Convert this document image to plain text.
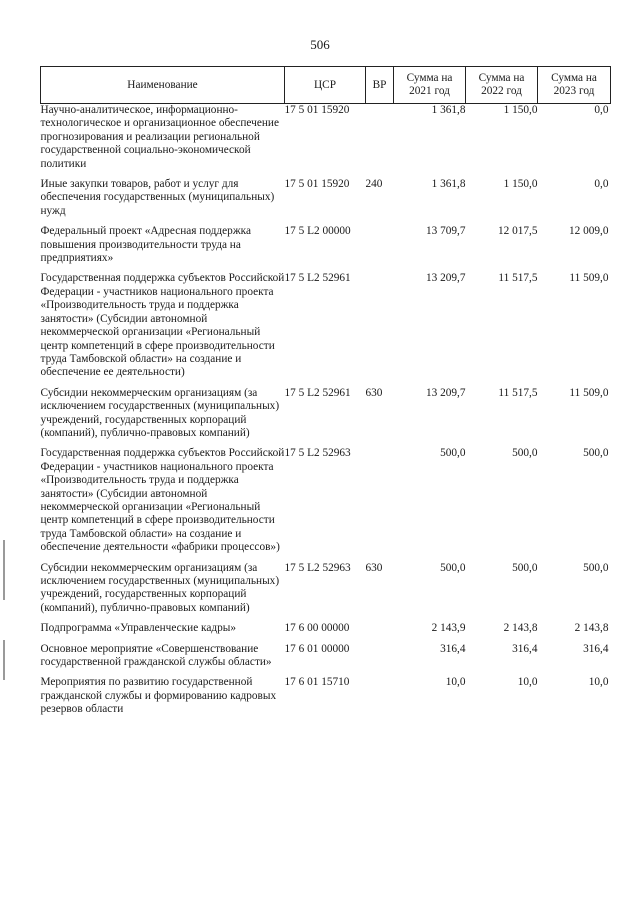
506
Наименование	ЦСР	ВР	Сумма на 2021 год	Сумма на 2022 год	Сумма на 2023 год
Научно-аналитическое, информационно-технологическое и организационное обеспечение прогнозирования и реализации региональной государственной социально-экономической политики	17 5 01 15920		1 361,8	1 150,0	0,0
Иные закупки товаров, работ и услуг для обеспечения государственных (муниципальных) нужд	17 5 01 15920	240	1 361,8	1 150,0	0,0
Федеральный проект «Адресная поддержка повышения производительности труда на предприятиях»	17 5 L2 00000		13 709,7	12 017,5	12 009,0
Государственная поддержка субъектов Российской Федерации - участников национального проекта «Производительность труда и поддержка занятости» (Субсидии автономной некоммерческой организации «Региональный центр компетенций в сфере производительности труда Тамбовской области» на создание и обеспечение ее деятельности)	17 5 L2 52961		13 209,7	11 517,5	11 509,0
Субсидии некоммерческим организациям (за исключением государственных (муниципальных) учреждений, государственных корпораций (компаний), публично-правовых компаний)	17 5 L2 52961	630	13 209,7	11 517,5	11 509,0
Государственная поддержка субъектов Российской Федерации - участников национального проекта «Производительность труда и поддержка занятости» (Субсидии автономной некоммерческой организации «Региональный центр компетенций в сфере производительности труда Тамбовской области» на создание и обеспечение деятельности «фабрики процессов»)	17 5 L2 52963		500,0	500,0	500,0
Субсидии некоммерческим организациям (за исключением государственных (муниципальных) учреждений, государственных корпораций (компаний), публично-правовых компаний)	17 5 L2 52963	630	500,0	500,0	500,0
Подпрограмма «Управленческие кадры»	17 6 00 00000		2 143,9	2 143,8	2 143,8
Основное мероприятие «Совершенствование государственной гражданской службы области»	17 6 01 00000		316,4	316,4	316,4
Мероприятия по развитию государственной гражданской службы и формированию кадровых резервов области	17 6 01 15710		10,0	10,0	10,0
